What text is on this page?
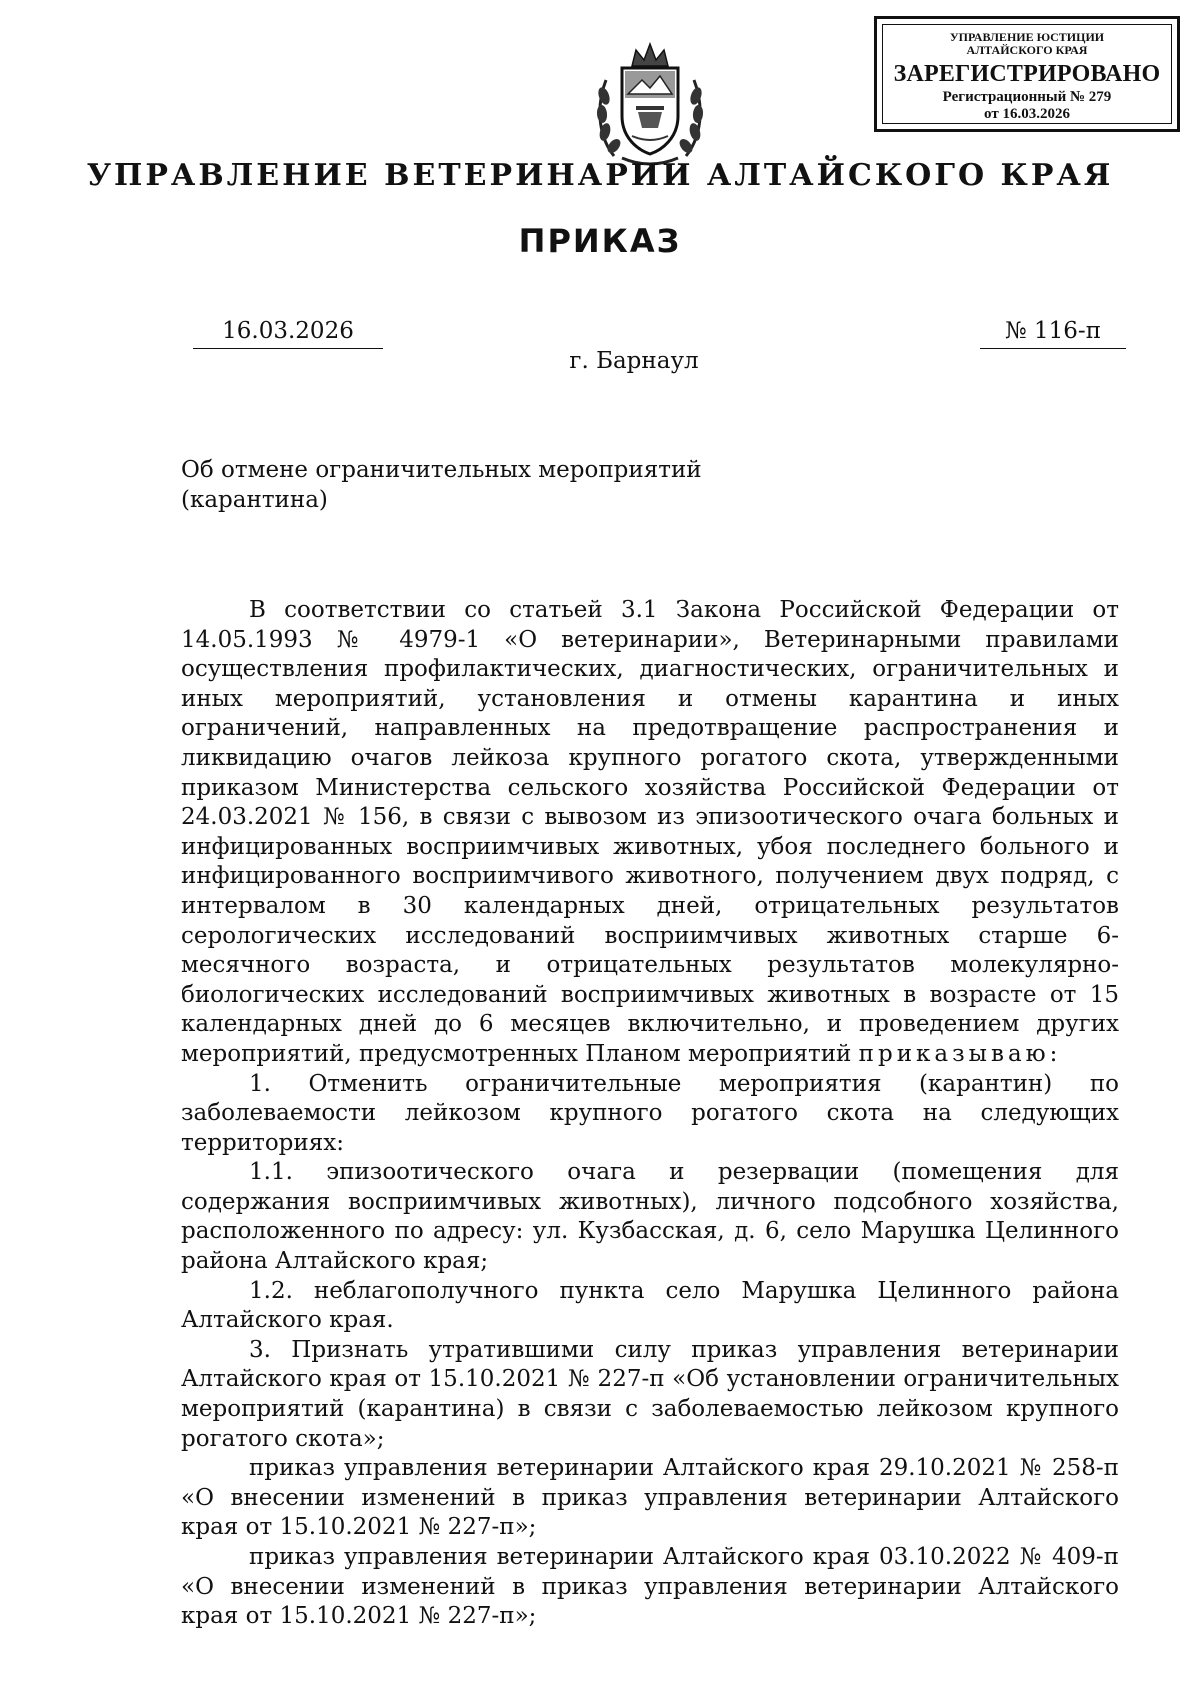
УПРАВЛЕНИЕ ЮСТИЦИИ
АЛТАЙСКОГО КРАЯ
ЗАРЕГИСТРИРОВАНО
Регистрационный № 279
от 16.03.2026
УПРАВЛЕНИЕ ВЕТЕРИНАРИИ АЛТАЙСКОГО КРАЯ
ПРИКАЗ
16.03.2026	№ 116-п
г. Барнаул
Об отмене ограничительных мероприятий
(карантина)

В соответствии со статьей 3.1 Закона Российской Федерации от 14.05.1993 № 4979-1 «О ветеринарии», Ветеринарными правилами осуществления профилактических, диагностических, ограничительных и иных мероприятий, установления и отмены карантина и иных ограничений, направленных на предотвращение распространения и ликвидацию очагов лейкоза крупного рогатого скота, утвержденными приказом Министерства сельского хозяйства Российской Федерации от 24.03.2021 № 156, в связи с вывозом из эпизоотического очага больных и инфицированных восприимчивых животных, убоя последнего больного и инфицированного восприимчивого животного, получением двух подряд, с интервалом в 30 календарных дней, отрицательных результатов серологических исследований восприимчивых животных старше 6-месячного возраста, и отрицательных результатов молекулярно-биологических исследований восприимчивых животных в возрасте от 15 календарных дней до 6 месяцев включительно, и проведением других мероприятий, предусмотренных Планом мероприятий приказываю:

1. Отменить ограничительные мероприятия (карантин) по заболеваемости лейкозом крупного рогатого скота на следующих территориях:

1.1. эпизоотического очага и резервации (помещения для содержания восприимчивых животных), личного подсобного хозяйства, расположенного по адресу: ул. Кузбасская, д. 6, село Марушка Целинного района Алтайского края;

1.2. неблагополучного пункта село Марушка Целинного района Алтайского края.

3. Признать утратившими силу приказ управления ветеринарии Алтайского края от 15.10.2021 № 227-п «Об установлении ограничительных мероприятий (карантина) в связи с заболеваемостью лейкозом крупного рогатого скота»;

приказ управления ветеринарии Алтайского края 29.10.2021 № 258-п «О внесении изменений в приказ управления ветеринарии Алтайского края от 15.10.2021 № 227-п»;

приказ управления ветеринарии Алтайского края 03.10.2022 № 409-п «О внесении изменений в приказ управления ветеринарии Алтайского края от 15.10.2021 № 227-п»;
